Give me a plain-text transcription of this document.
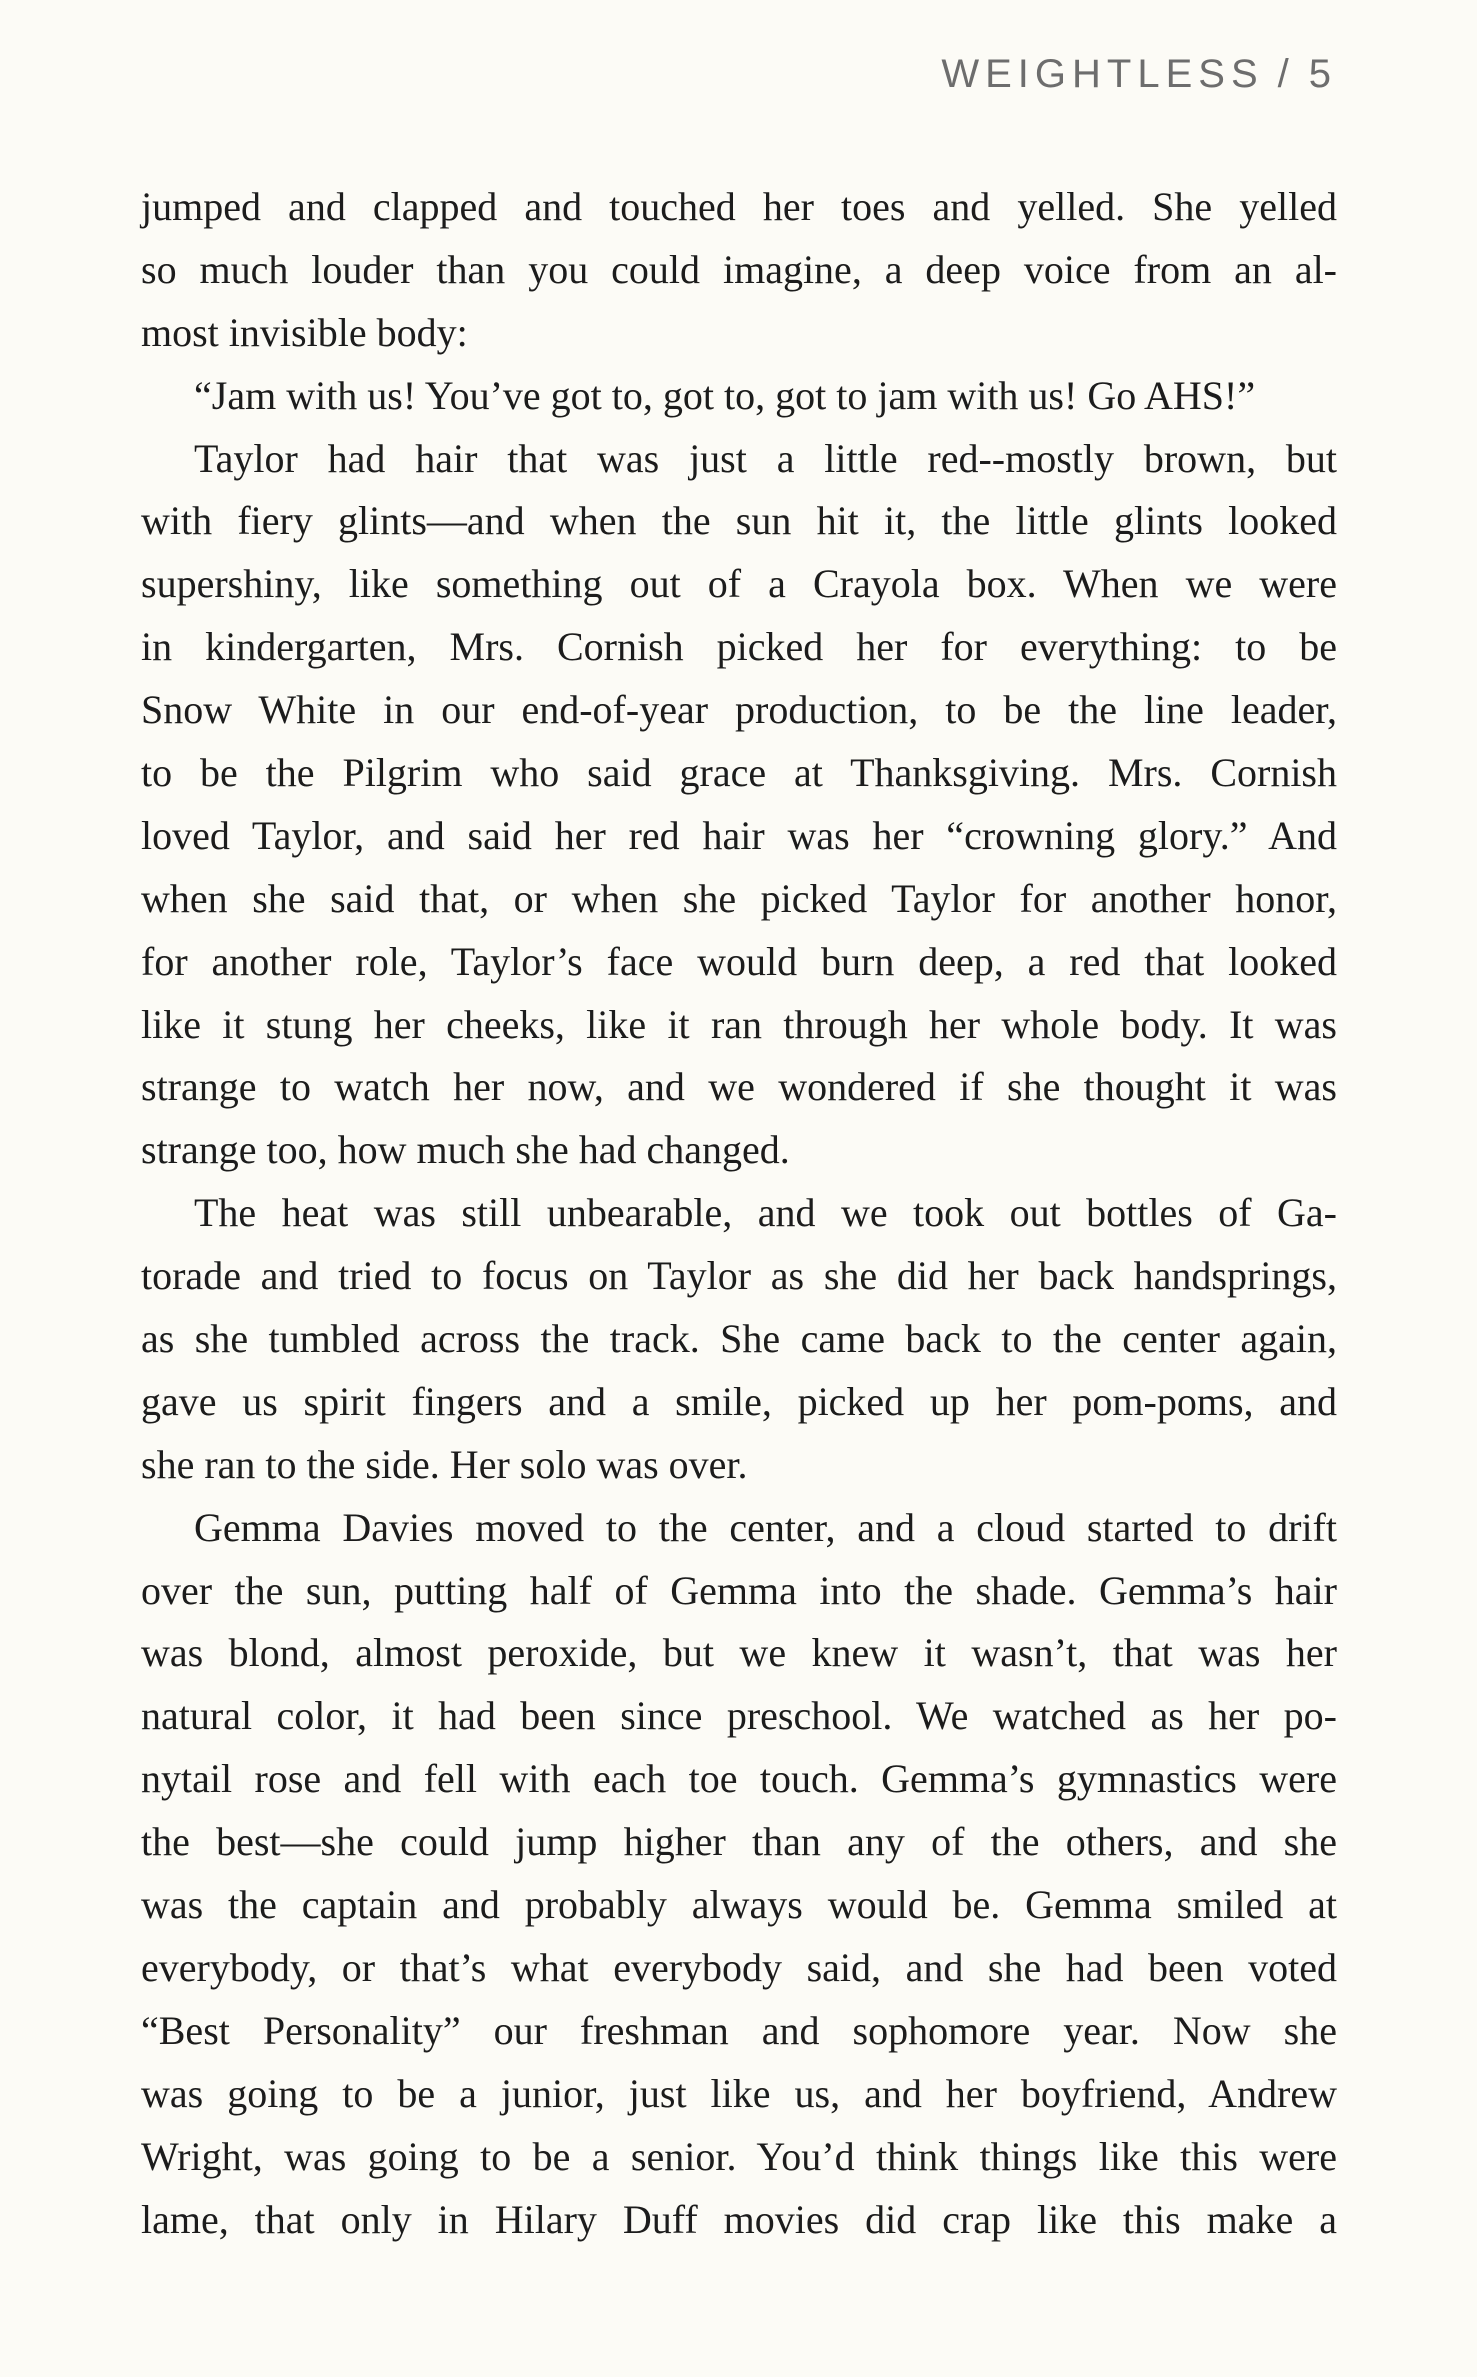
WEIGHTLESS / 5
jumped and clapped and touched her toes and yelled. She yelled
so much louder than you could imagine, a deep voice from an al-
most invisible body:
“Jam with us! You’ve got to, got to, got to jam with us! Go AHS!”
Taylor had hair that was just a little red--mostly brown, but
with fiery glints—and when the sun hit it, the little glints looked
supershiny, like something out of a Crayola box. When we were
in kindergarten, Mrs. Cornish picked her for everything: to be
Snow White in our end-of-year production, to be the line leader,
to be the Pilgrim who said grace at Thanksgiving. Mrs. Cornish
loved Taylor, and said her red hair was her “crowning glory.” And
when she said that, or when she picked Taylor for another honor,
for another role, Taylor’s face would burn deep, a red that looked
like it stung her cheeks, like it ran through her whole body. It was
strange to watch her now, and we wondered if she thought it was
strange too, how much she had changed.
The heat was still unbearable, and we took out bottles of Ga-
torade and tried to focus on Taylor as she did her back handsprings,
as she tumbled across the track. She came back to the center again,
gave us spirit fingers and a smile, picked up her pom-poms, and
she ran to the side. Her solo was over.
Gemma Davies moved to the center, and a cloud started to drift
over the sun, putting half of Gemma into the shade. Gemma’s hair
was blond, almost peroxide, but we knew it wasn’t, that was her
natural color, it had been since preschool. We watched as her po-
nytail rose and fell with each toe touch. Gemma’s gymnastics were
the best—she could jump higher than any of the others, and she
was the captain and probably always would be. Gemma smiled at
everybody, or that’s what everybody said, and she had been voted
“Best Personality” our freshman and sophomore year. Now she
was going to be a junior, just like us, and her boyfriend, Andrew
Wright, was going to be a senior. You’d think things like this were
lame, that only in Hilary Duff movies did crap like this make a
